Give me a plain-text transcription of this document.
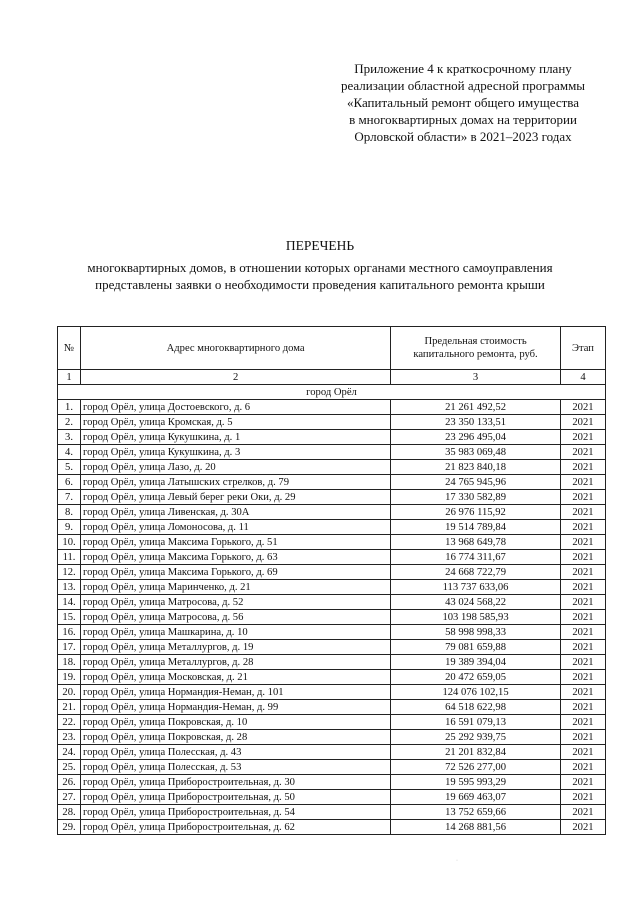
Приложение 4 к краткосрочному плану
реализации областной адресной программы
«Капитальный ремонт общего имущества
в многоквартирных домах на территории
Орловской области» в 2021–2023 годах
ПЕРЕЧЕНЬ
многоквартирных домов, в отношении которых органами местного самоуправления
представлены заявки о необходимости проведения капитального ремонта крыши
№	Адрес многоквартирного дома	Предельная стоимость капитального ремонта, руб.	Этап
1	2	3	4
город Орёл			
1.	город Орёл, улица Достоевского, д. 6	21 261 492,52	2021
2.	город Орёл, улица Кромская, д. 5	23 350 133,51	2021
3.	город Орёл, улица Кукушкина, д. 1	23 296 495,04	2021
4.	город Орёл, улица Кукушкина, д. 3	35 983 069,48	2021
5.	город Орёл, улица Лазо, д. 20	21 823 840,18	2021
6.	город Орёл, улица Латышских стрелков, д. 79	24 765 945,96	2021
7.	город Орёл, улица Левый берег реки Оки, д. 29	17 330 582,89	2021
8.	город Орёл, улица Ливенская, д. 30А	26 976 115,92	2021
9.	город Орёл, улица Ломоносова, д. 11	19 514 789,84	2021
10.	город Орёл, улица Максима Горького, д. 51	13 968 649,78	2021
11.	город Орёл, улица Максима Горького, д. 63	16 774 311,67	2021
12.	город Орёл, улица Максима Горького, д. 69	24 668 722,79	2021
13.	город Орёл, улица Маринченко, д. 21	113 737 633,06	2021
14.	город Орёл, улица Матросова, д. 52	43 024 568,22	2021
15.	город Орёл, улица Матросова, д. 56	103 198 585,93	2021
16.	город Орёл, улица Машкарина, д. 10	58 998 998,33	2021
17.	город Орёл, улица Металлургов, д. 19	79 081 659,88	2021
18.	город Орёл, улица Металлургов, д. 28	19 389 394,04	2021
19.	город Орёл, улица Московская, д. 21	20 472 659,05	2021
20.	город Орёл, улица Нормандия-Неман, д. 101	124 076 102,15	2021
21.	город Орёл, улица Нормандия-Неман, д. 99	64 518 622,98	2021
22.	город Орёл, улица Покровская, д. 10	16 591 079,13	2021
23.	город Орёл, улица Покровская, д. 28	25 292 939,75	2021
24.	город Орёл, улица Полесская, д. 43	21 201 832,84	2021
25.	город Орёл, улица Полесская, д. 53	72 526 277,00	2021
26.	город Орёл, улица Приборостроительная, д. 30	19 595 993,29	2021
27.	город Орёл, улица Приборостроительная, д. 50	19 669 463,07	2021
28.	город Орёл, улица Приборостроительная, д. 54	13 752 659,66	2021
29.	город Орёл, улица Приборостроительная, д. 62	14 268 881,56	2021
·
